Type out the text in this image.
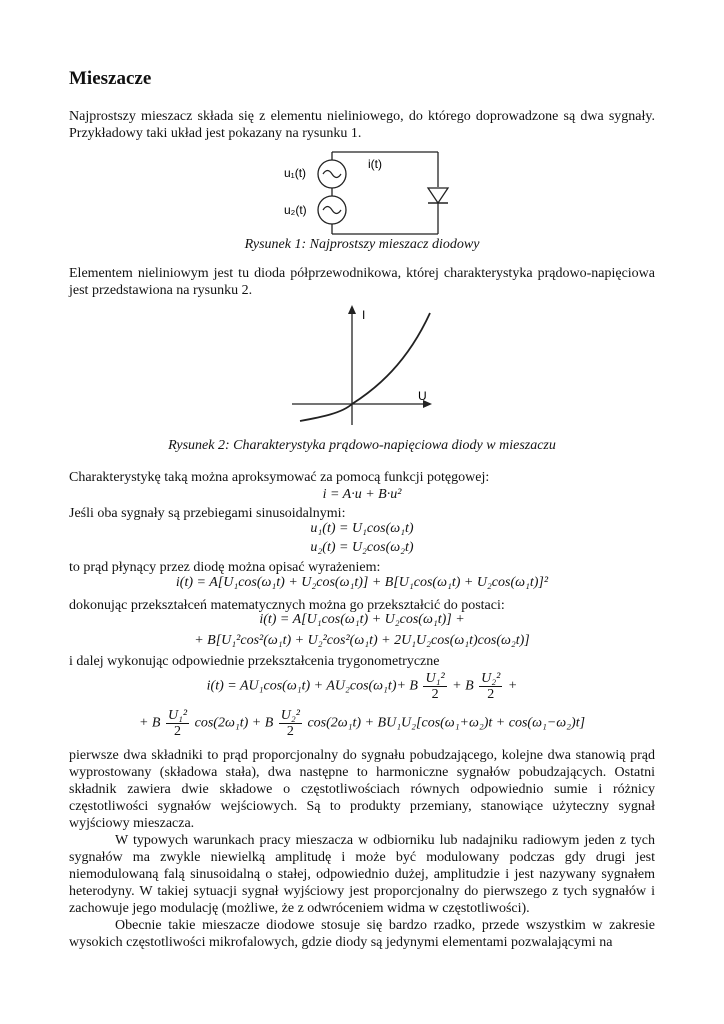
Mieszacze

Najprostszy mieszacz składa się z elementu nieliniowego, do którego doprowadzone są dwa sygnały. Przykładowy taki układ jest pokazany na rysunku 1.

u₁(t)
u₂(t)
i(t)

Rysunek 1: Najprostszy mieszacz diodowy

Elementem nieliniowym jest tu dioda półprzewodnikowa, której charakterystyka prądowo-napięciowa jest przedstawiona na rysunku 2.

I
U

Rysunek 2: Charakterystyka prądowo-napięciowa diody w mieszaczu

Charakterystykę taką można aproksymować za pomocą funkcji potęgowej:

i = A·u + B·u²

Jeśli oba sygnały są przebiegami sinusoidalnymi:

u₁(t) = U₁cos(ω₁t)

u₂(t) = U₂cos(ω₂t)

to prąd płynący przez diodę można opisać wyrażeniem:

i(t) = A[U₁cos(ω₁t) + U₂cos(ω₁t)] + B[U₁cos(ω₁t) + U₂cos(ω₁t)]²

dokonując przekształceń matematycznych można go przekształcić do postaci:

i(t) = A[U₁cos(ω₁t) + U₂cos(ω₁t)] +

+ B[U₁²cos²(ω₁t) + U₂²cos²(ω₁t) + 2U₁U₂cos(ω₁t)cos(ω₂t)]

i dalej wykonując odpowiednie przekształcenia trygonometryczne

i(t) = AU₁cos(ω₁t) + AU₂cos(ω₁t)+ B $\frac{\text{U₁²}}{2} + B \frac{\text{U₂²}}{2}$ +
+ B $\frac{\text{U₁²}}{2} \cos(2\omega_1t) + B \frac{\text{U₂²}}{2} \cos(2\omega_1t) + BU_1U_2[\cos(\omega_1+\omega_2)t + \cos(\omega_1-\omega_2)t]$

pierwsze dwa składniki to prąd proporcjonalny do sygnału pobudzającego, kolejne dwa stanowią prąd wyprostowany (składowa stała), dwa następne to harmoniczne sygnałów pobudzających. Ostatni składnik zawiera dwie składowe o częstotliwościach równych odpowiednio sumie i różnicy częstotliwości sygnałów wejściowych. Są to produkty przemiany, stanowiące użyteczny sygnał wyjściowy mieszacza.

W typowych warunkach pracy mieszacza w odbiorniku lub nadajniku radiowym jeden z tych sygnałów ma zwykle niewielką amplitudę i może być modulowany podczas gdy drugi jest niemodulowaną falą sinusoidalną o stałej, odpowiednio dużej, amplitudzie i jest nazywany sygnałem heterodyny. W takiej sytuacji sygnał wyjściowy jest proporcjonalny do pierwszego z tych sygnałów i zachowuje jego modulację (możliwe, że z odwróceniem widma w częstotliwości).

Obecnie takie mieszacze diodowe stosuje się bardzo rzadko, przede wszystkim w zakresie wysokich częstotliwości mikrofalowych, gdzie diody są jedynymi elementami pozwalającymi na
